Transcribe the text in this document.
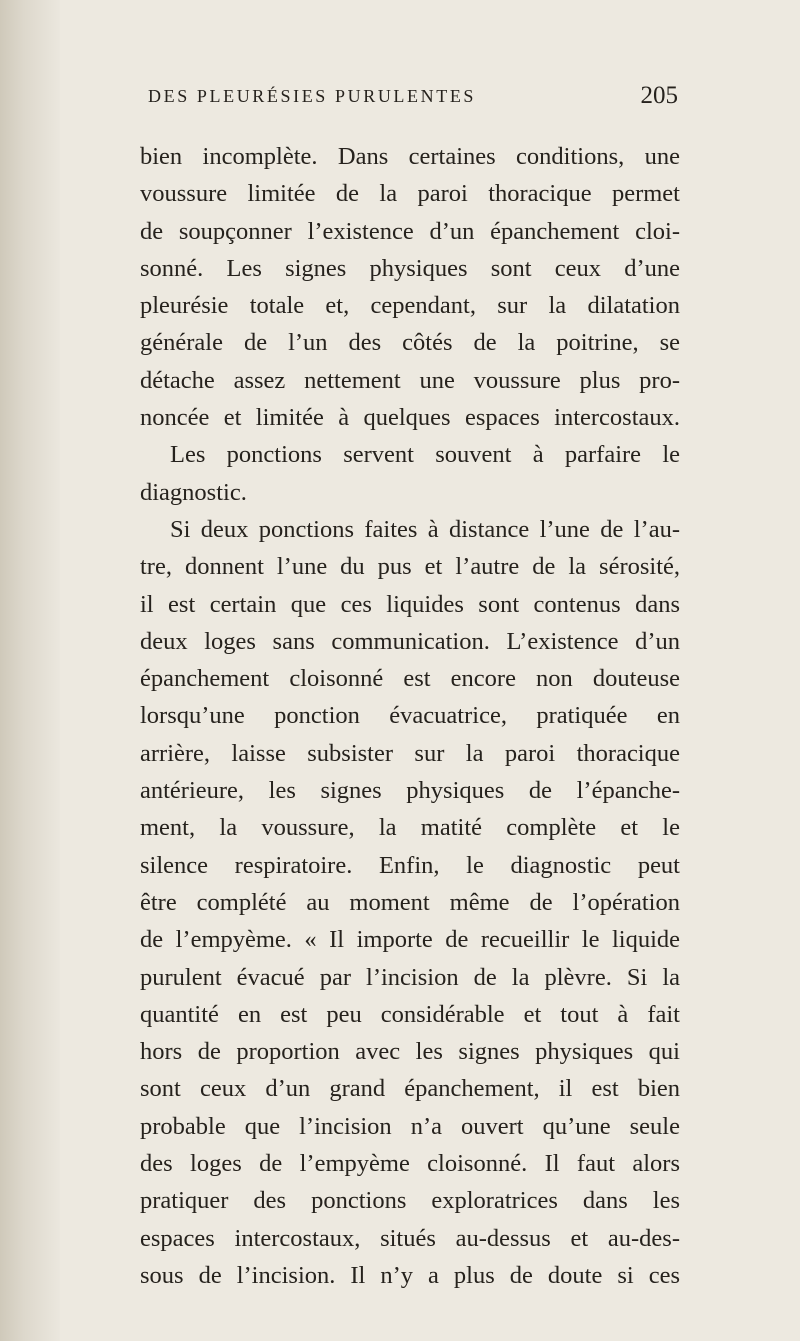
DES PLEURÉSIES PURULENTES	205
bien incomplète. Dans certaines conditions, une
voussure limitée de la paroi thoracique permet
de soupçonner l’existence d’un épanchement cloi-
sonné. Les signes physiques sont ceux d’une
pleurésie totale et, cependant, sur la dilatation
générale de l’un des côtés de la poitrine, se
détache assez nettement une voussure plus pro-
noncée et limitée à quelques espaces intercostaux.
Les ponctions servent souvent à parfaire le
diagnostic.
Si deux ponctions faites à distance l’une de l’au-
tre, donnent l’une du pus et l’autre de la sérosité,
il est certain que ces liquides sont contenus dans
deux loges sans communication. L’existence d’un
épanchement cloisonné est encore non douteuse
lorsqu’une ponction évacuatrice, pratiquée en
arrière, laisse subsister sur la paroi thoracique
antérieure, les signes physiques de l’épanche-
ment, la voussure, la matité complète et le
silence respiratoire. Enfin, le diagnostic peut
être complété au moment même de l’opération
de l’empyème. « Il importe de recueillir le liquide
purulent évacué par l’incision de la plèvre. Si la
quantité en est peu considérable et tout à fait
hors de proportion avec les signes physiques qui
sont ceux d’un grand épanchement, il est bien
probable que l’incision n’a ouvert qu’une seule
des loges de l’empyème cloisonné. Il faut alors
pratiquer des ponctions exploratrices dans les
espaces intercostaux, situés au-dessus et au-des-
sous de l’incision. Il n’y a plus de doute si ces
